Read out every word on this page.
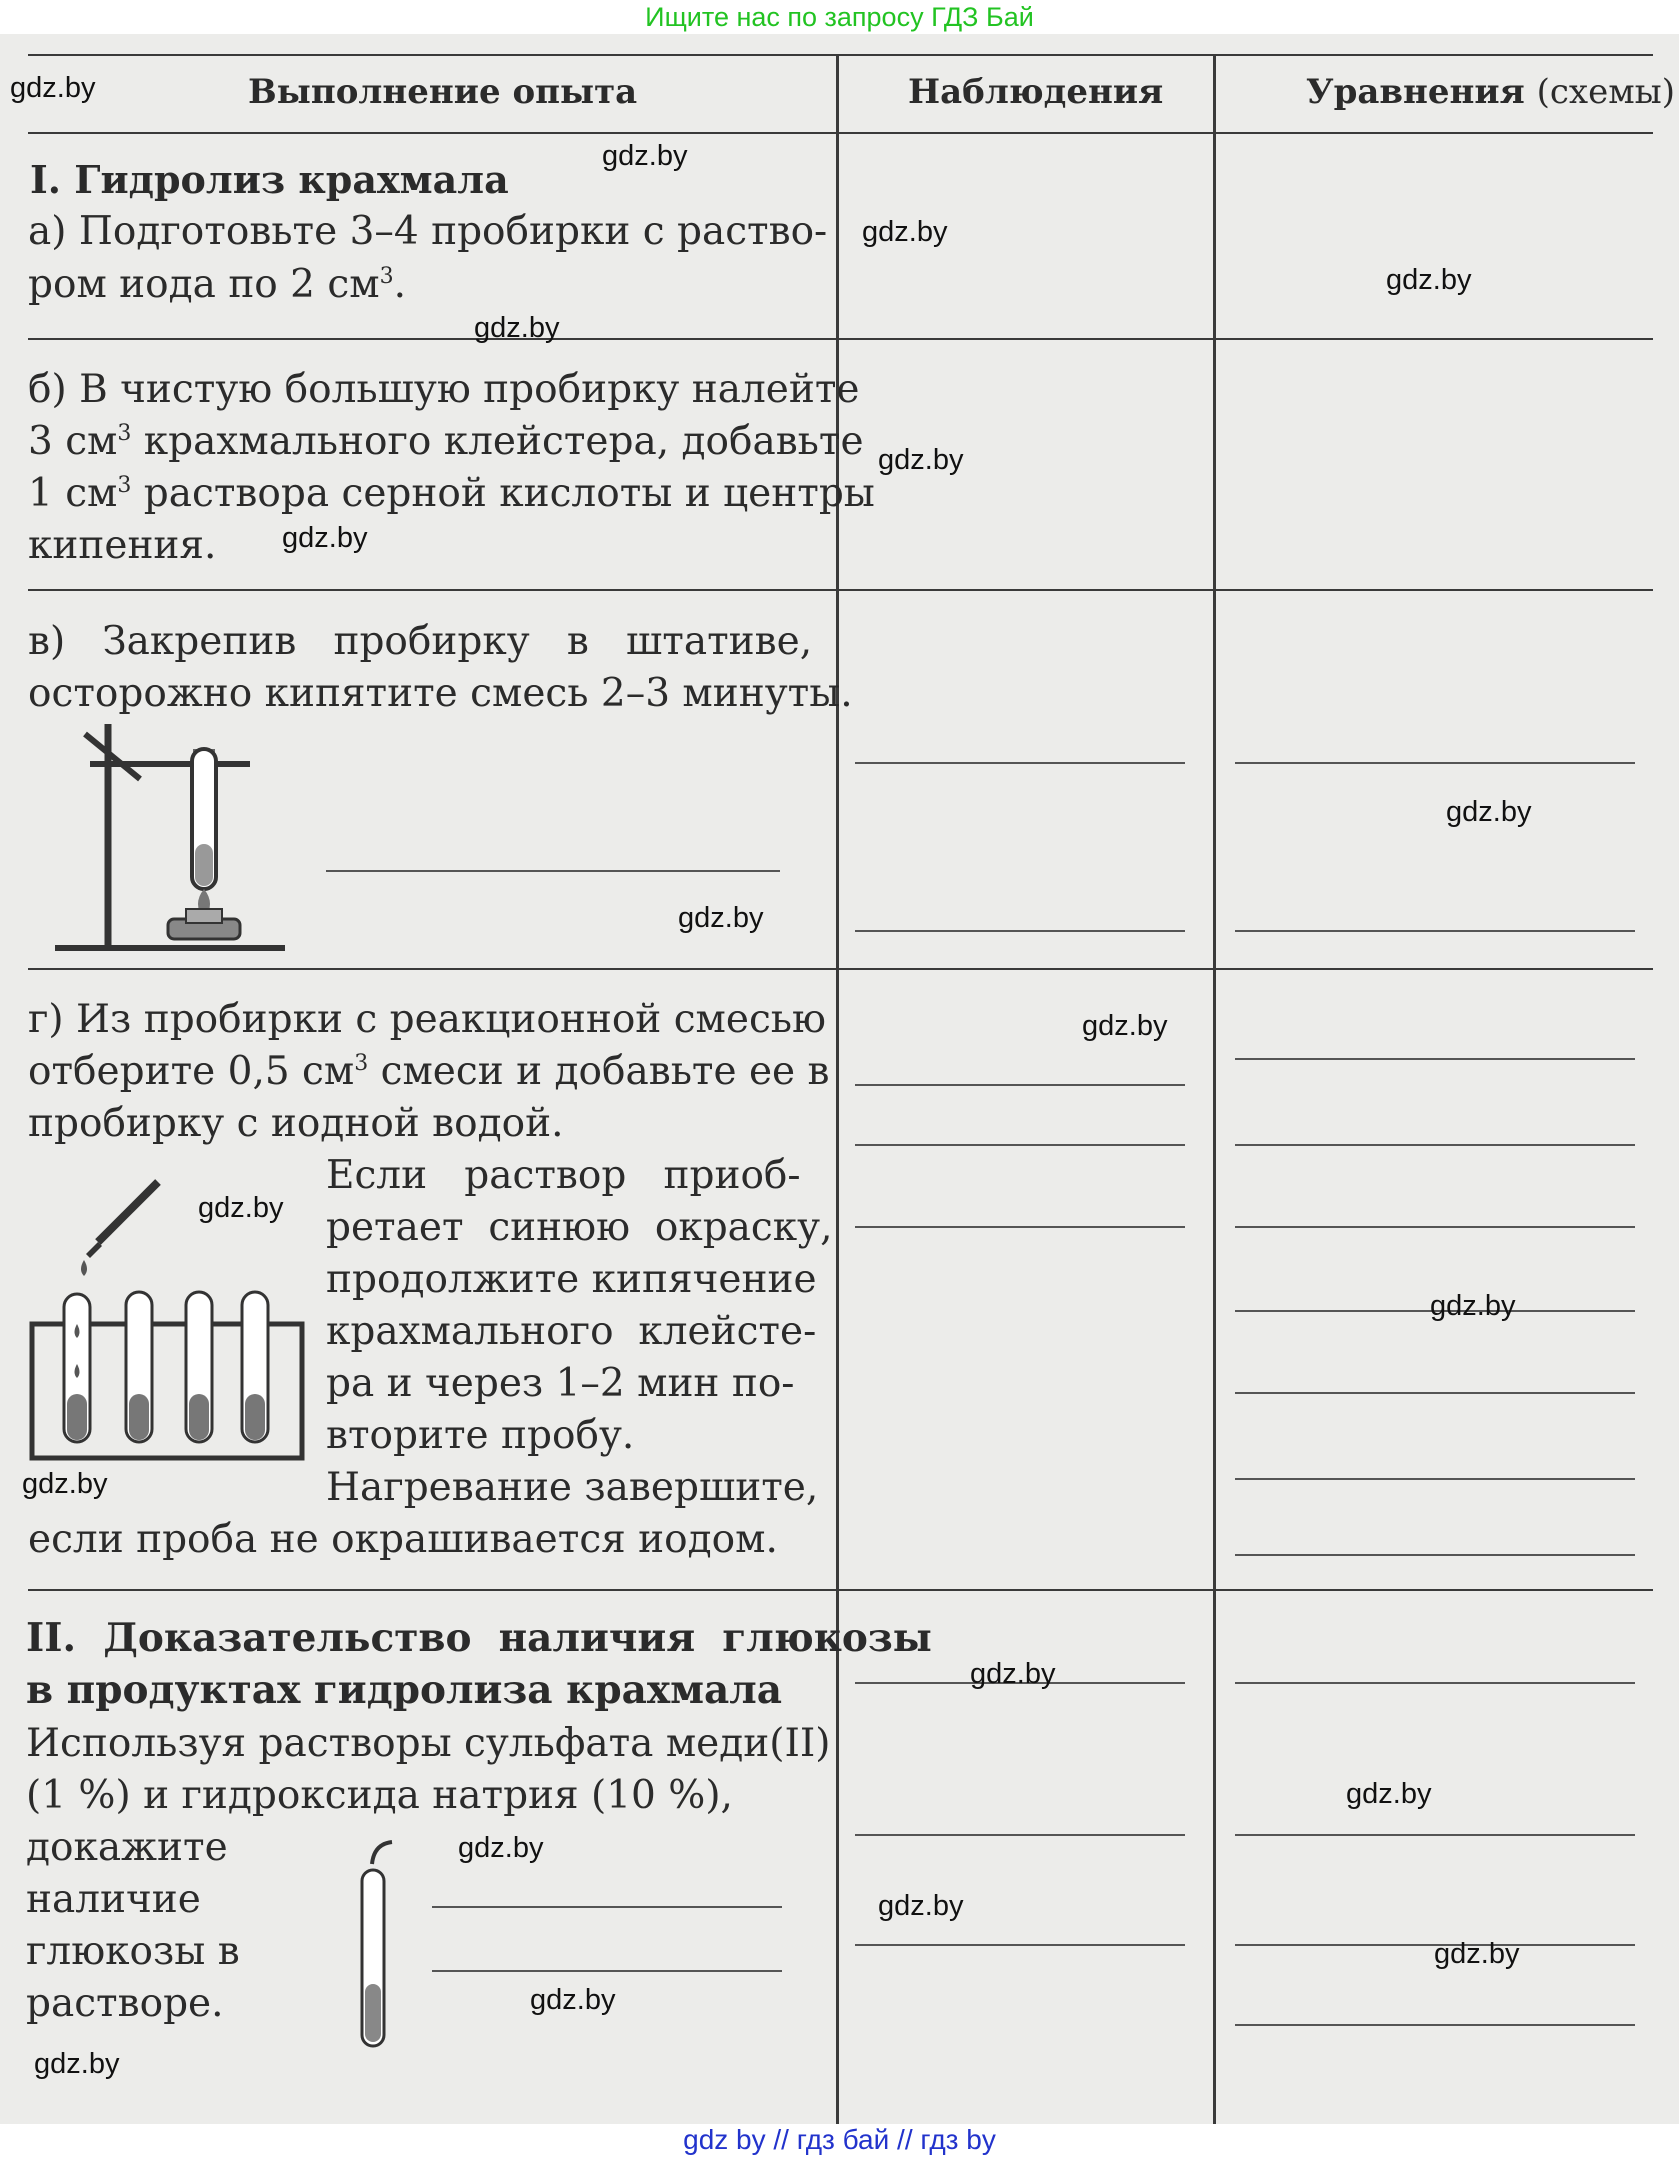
Ищите нас по запросу ГДЗ Бай
Выполнение опыта	Наблюдения	Уравнения (схемы)
I. Гидролиз крахмала
а) Подготовьте 3–4 пробирки с раство-
ром иода по 2 $см^3$.
б) В чистую большую пробирку налейте
3 $см^3$ крахмального клейстера, добавьте
1 $см^3$ раствора серной кислоты и центры
кипения.
в)   Закрепив   пробирку   в   штативе,
осторожно кипятите смесь 2–3 минуты.
г) Из пробирки с реакционной смесью
отберите 0,5 $см^3$ смеси и добавьте ее в
пробирку с иодной водой.
Если   раствор   приоб-
ретает  синюю  окраску,
продолжите кипячение
крахмального  клейсте-
ра и через 1–2 мин по-
вторите пробу.
Нагревание завершите,
если проба не окрашивается иодом.
II.  Доказательство  наличия  глюкозы
в продуктах гидролиза крахмала
Используя растворы сульфата меди(II)
(1 %) и гидроксида натрия (10 %),
докажите
наличие
глюкозы в
растворе.
gdz.by
gdz.by
gdz.by
gdz.by
gdz.by
gdz.by
gdz.by
gdz.by
gdz.by
gdz.by
gdz.by
gdz.by
gdz.by
gdz.by
gdz.by
gdz.by
gdz.by
gdz.by
gdz.by
gdz.by
gdz by // гдз бай // гдз by
